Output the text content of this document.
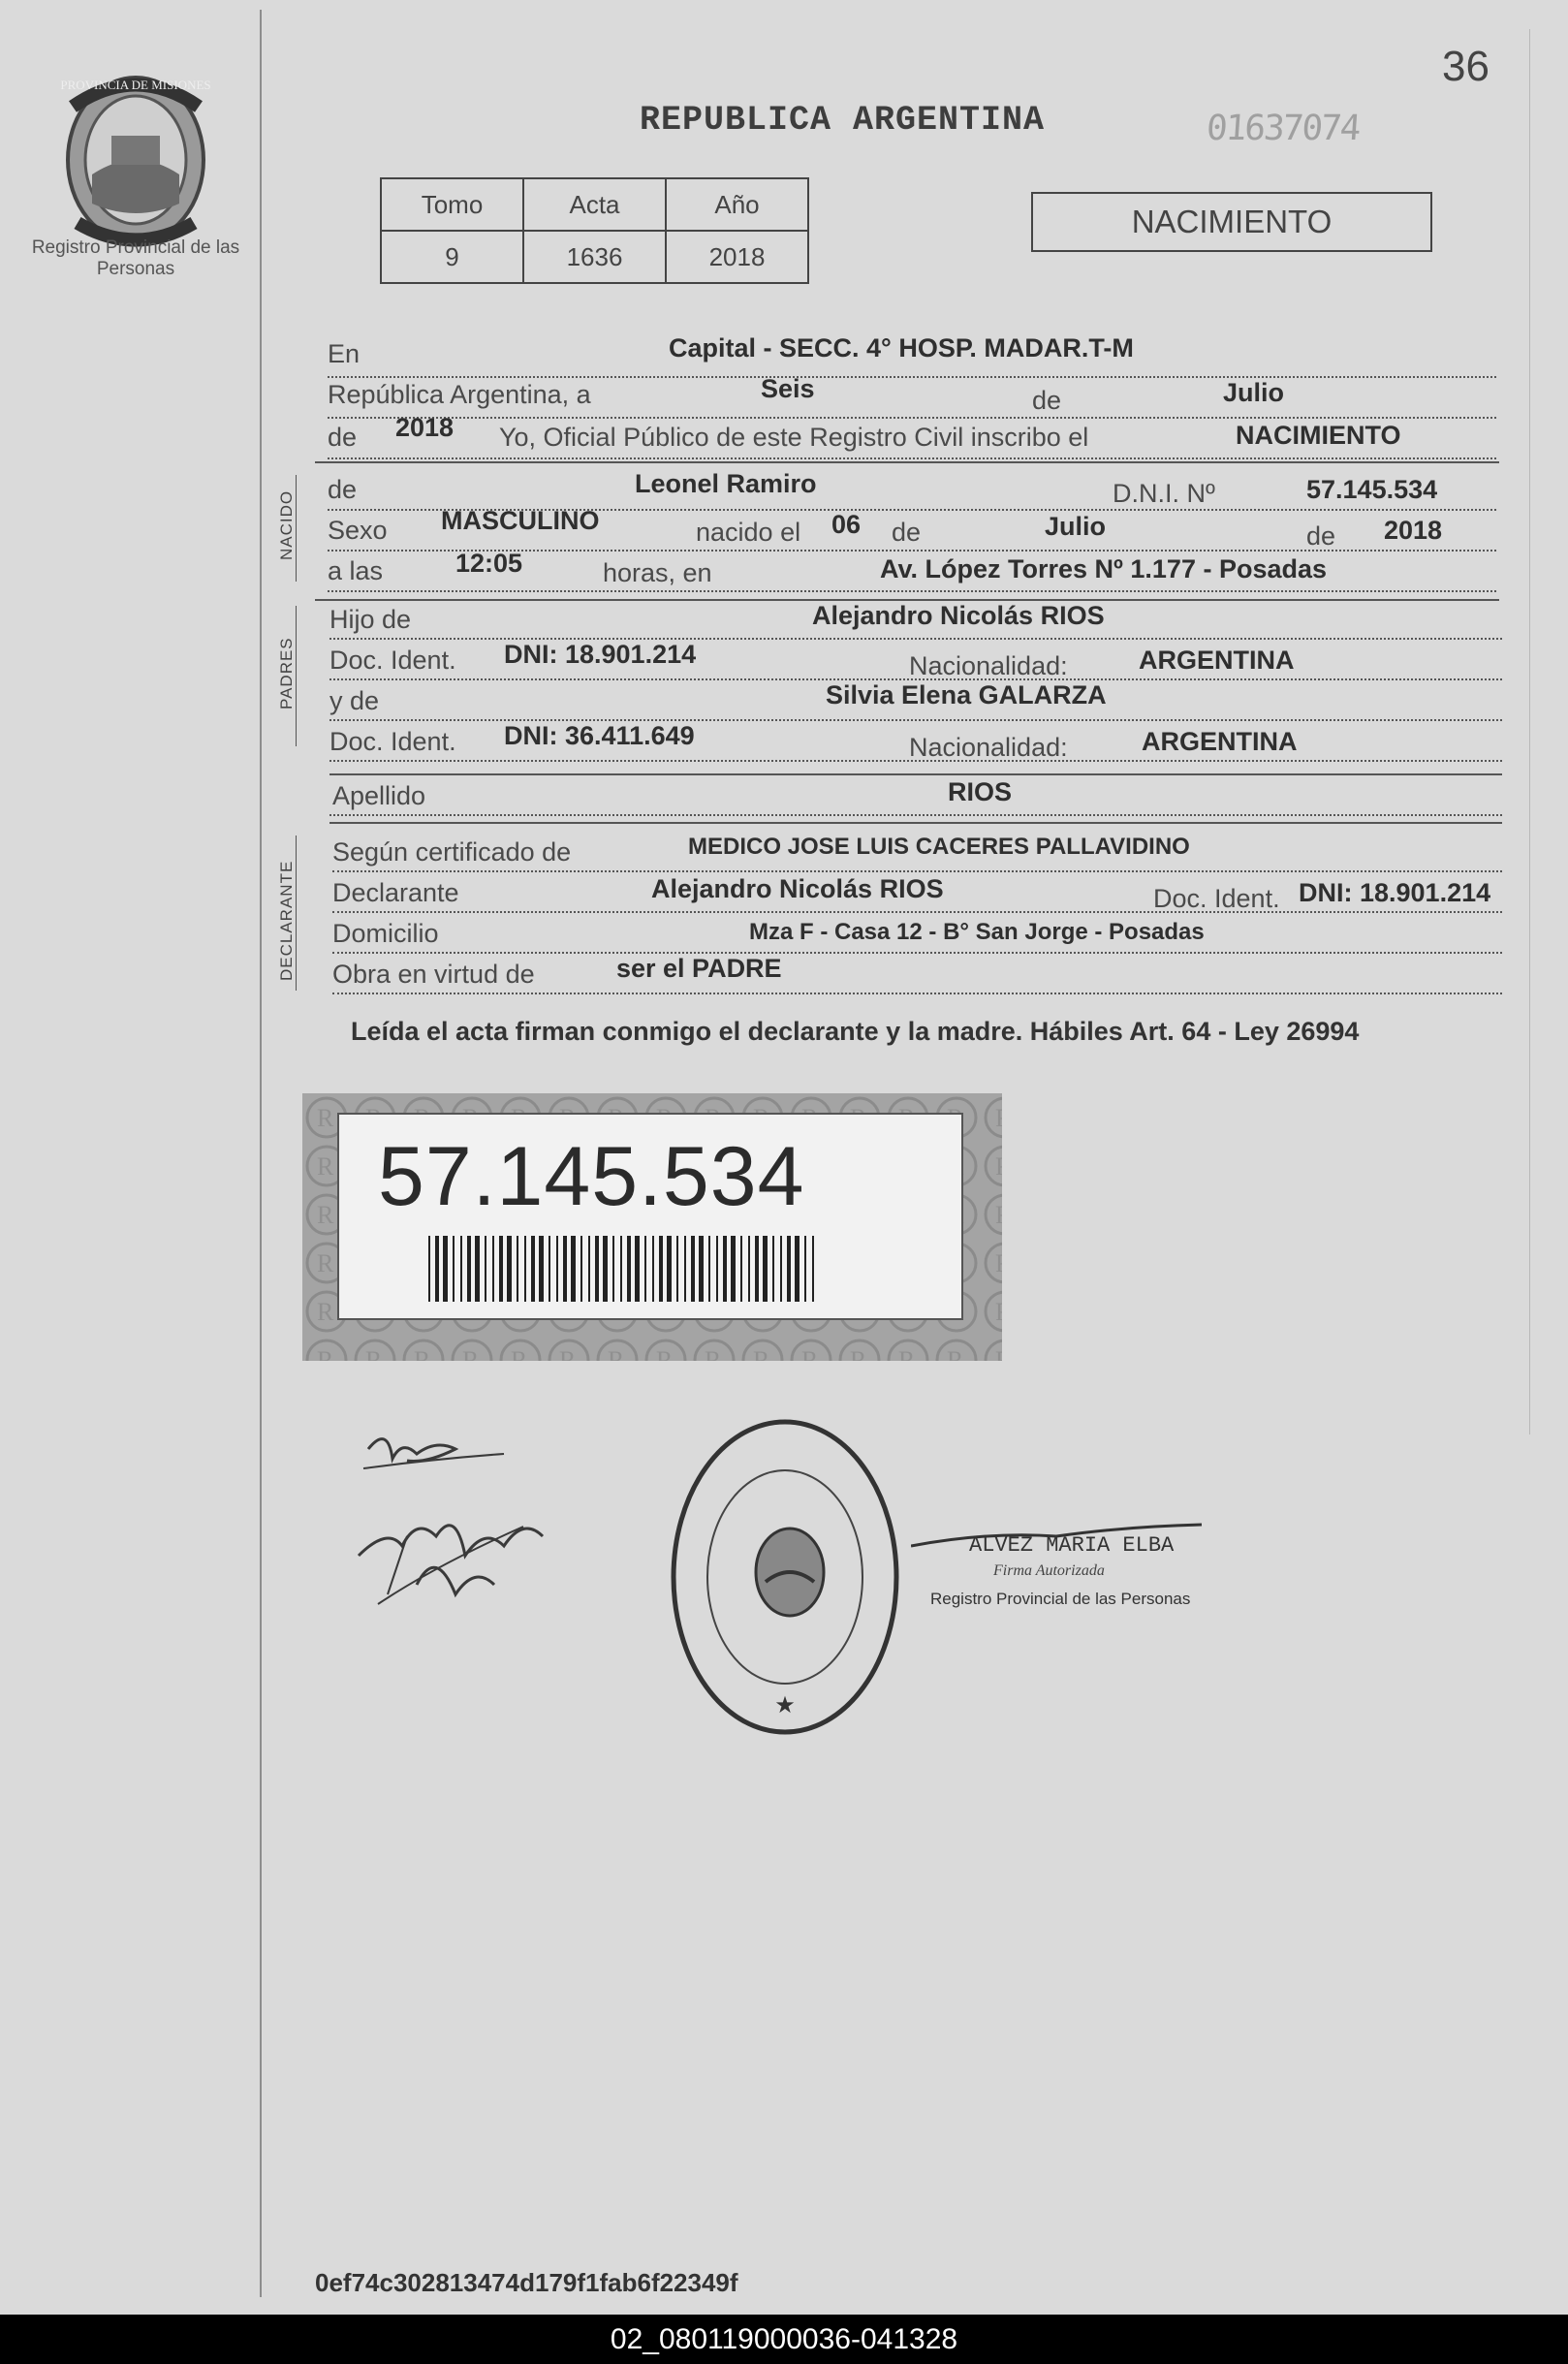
PROVINCIA DE MISIONES
Registro Provincial de las Personas
36
REPUBLICA ARGENTINA	01637074
Tomo	Acta	Año
9	1636	2018
NACIMIENTO
En	Capital - SECC. 4° HOSP. MADAR.T-M
República Argentina, a	Seis	de	Julio
de 2018 Yo, Oficial Público de este Registro Civil inscribo el	NACIMIENTO
NACIDO
de	Leonel Ramiro	D.N.I. Nº	57.145.534
Sexo MASCULINO	nacido el 06 de	Julio	de 2018
a las	12:05	horas, en	Av. López Torres Nº 1.177 - Posadas
PADRES
Hijo de	Alejandro Nicolás RIOS
Doc. Ident. DNI: 18.901.214	Nacionalidad:	ARGENTINA
y de	Silvia Elena GALARZA
Doc. Ident. DNI: 36.411.649	Nacionalidad:	ARGENTINA
Apellido	RIOS
DECLARANTE
Según certificado de	MEDICO JOSE LUIS CACERES PALLAVIDINO
Declarante	Alejandro Nicolás RIOS	Doc. Ident. DNI: 18.901.214
Domicilio	Mza F - Casa 12 - B° San Jorge - Posadas
Obra en virtud de	ser el PADRE
Leída el acta firman conmigo el declarante y la madre. Hábiles Art. 64 - Ley 26994
57.145.534
★
ALVEZ MARIA ELBA
Firma Autorizada
Registro Provincial de las Personas
0ef74c302813474d179f1fab6f22349f
02_080119000036-041328
